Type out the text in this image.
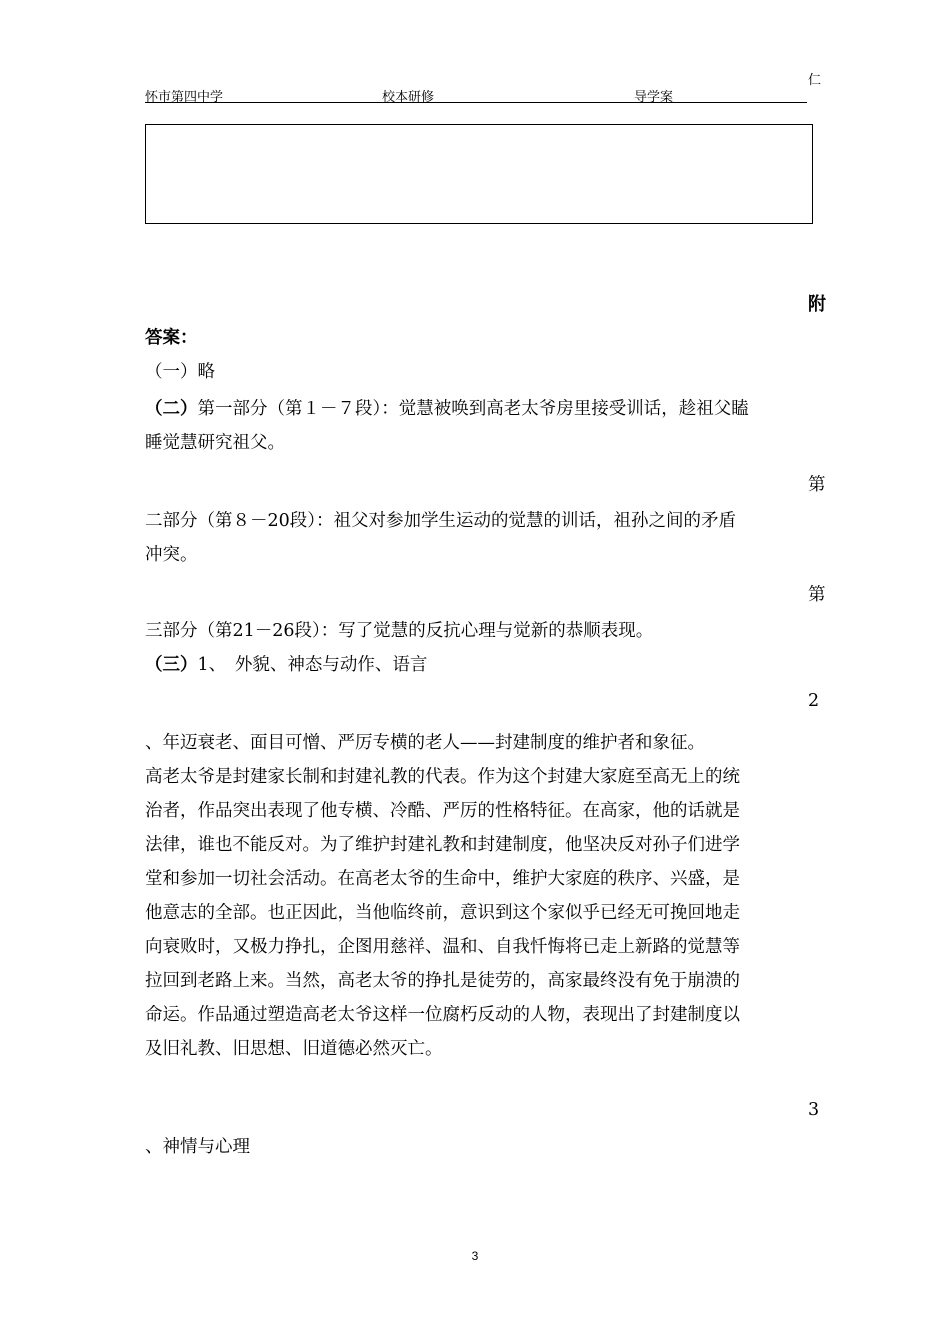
怀市第四中学	校本研修	导学案
仁
附
答案：
（一）略
（二）第一部分（第１－７段）：觉慧被唤到高老太爷房里接受训话，趁祖父瞌
睡觉慧研究祖父。
第
二部分（第８－20段）：祖父对参加学生运动的觉慧的训话，祖孙之间的矛盾
冲突。
第
三部分（第21－26段）：写了觉慧的反抗心理与觉新的恭顺表现。
（三）1、　外貌、神态与动作、语言
2
、年迈衰老、面目可憎、严厉专横的老人——封建制度的维护者和象征。
高老太爷是封建家长制和封建礼教的代表。作为这个封建大家庭至高无上的统
治者，作品突出表现了他专横、冷酷、严厉的性格特征。在高家，他的话就是
法律，谁也不能反对。为了维护封建礼教和封建制度，他坚决反对孙子们进学
堂和参加一切社会活动。在高老太爷的生命中，维护大家庭的秩序、兴盛，是
他意志的全部。也正因此，当他临终前，意识到这个家似乎已经无可挽回地走
向衰败时，又极力挣扎，企图用慈祥、温和、自我忏悔将已走上新路的觉慧等
拉回到老路上来。当然，高老太爷的挣扎是徒劳的，高家最终没有免于崩溃的
命运。作品通过塑造高老太爷这样一位腐朽反动的人物，表现出了封建制度以
及旧礼教、旧思想、旧道德必然灭亡。
3
、神情与心理
3
